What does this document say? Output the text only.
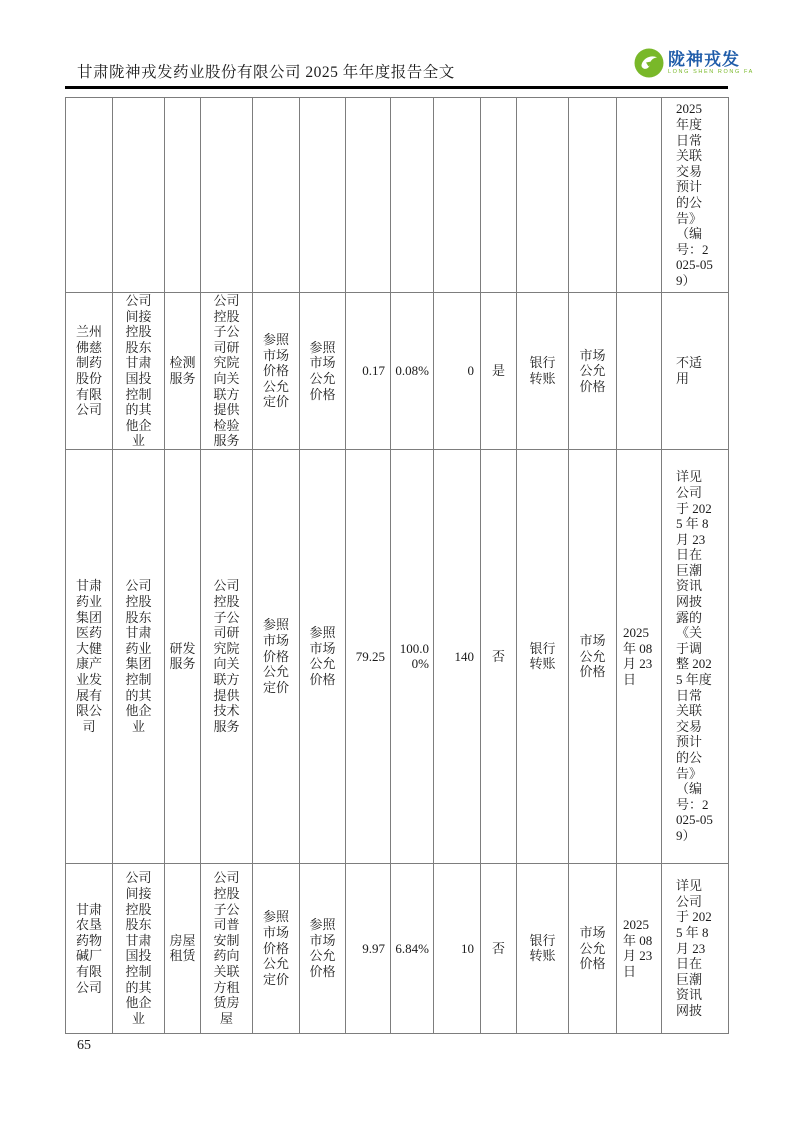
甘肃陇神戎发药业股份有限公司 2025 年年度报告全文
陇神戎发
LONG SHEN RONG FA
													2025 年度日常关联交易预计的公告》（编号：2025-059）
兰州佛慈制药股份有限公司	公司间接控股股东甘肃国投控制的其他企业	检测服务	公司控股子公司研究院向关联方提供检验服务	参照市场价格公允定价	参照市场公允价格	0.17	0.08%	0	是	银行转账	市场公允价格		不适用
甘肃药业集团医药大健康产业发展有限公司	公司控股股东甘肃药业集团控制的其他企业	研发服务	公司控股子公司研究院向关联方提供技术服务	参照市场价格公允定价	参照市场公允价格	79.25	100.00%	140	否	银行转账	市场公允价格	2025 年 08 月 23 日	详见公司于 2025 年 8 月 23 日在巨潮资讯网披露的《关于调整 2025 年度日常关联交易预计的公告》（编号：2025-059）
甘肃农垦药物碱厂有限公司	公司间接控股股东甘肃国投控制的其他企业	房屋租赁	公司控股子公司普安制药向关联方租赁房屋	参照市场价格公允定价	参照市场公允价格	9.97	6.84%	10	否	银行转账	市场公允价格	2025 年 08 月 23 日	详见公司于 2025 年 8 月 23 日在巨潮资讯网披
65
